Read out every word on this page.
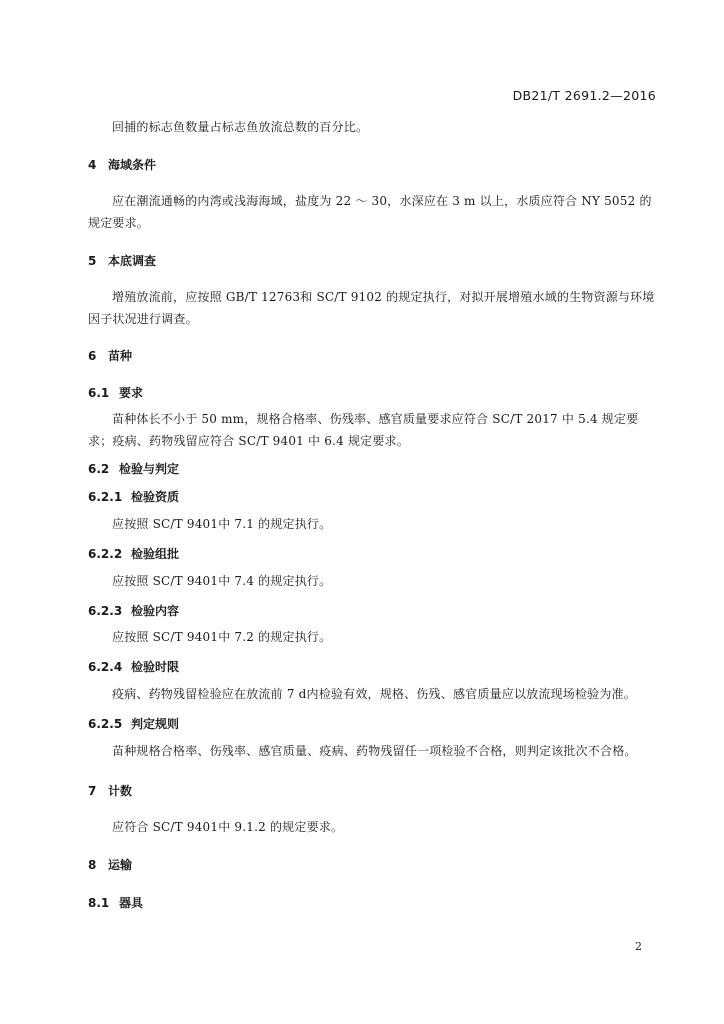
DB21/T 2691.2—2016
回捕的标志鱼数量占标志鱼放流总数的百分比。
4 海域条件
应在潮流通畅的内湾或浅海海域，盐度为 22 ～ 30，水深应在 3 m 以上，水质应符合 NY 5052 的规定要求。
5 本底调查
增殖放流前，应按照 GB/T 12763和 SC/T 9102 的规定执行，对拟开展增殖水域的生物资源与环境因子状况进行调查。
6 苗种
6.1 要求
苗种体长不小于 50 mm，规格合格率、伤残率、感官质量要求应符合 SC/T 2017 中 5.4 规定要求；疫病、药物残留应符合 SC/T 9401 中 6.4 规定要求。
6.2 检验与判定
6.2.1 检验资质
应按照 SC/T 9401中 7.1 的规定执行。
6.2.2 检验组批
应按照 SC/T 9401中 7.4 的规定执行。
6.2.3 检验内容
应按照 SC/T 9401中 7.2 的规定执行。
6.2.4 检验时限
疫病、药物残留检验应在放流前 7 d内检验有效，规格、伤残、感官质量应以放流现场检验为准。
6.2.5 判定规则
苗种规格合格率、伤残率、感官质量、疫病、药物残留任一项检验不合格，则判定该批次不合格。
7 计数
应符合 SC/T 9401中 9.1.2 的规定要求。
8 运输
8.1 器具
2
